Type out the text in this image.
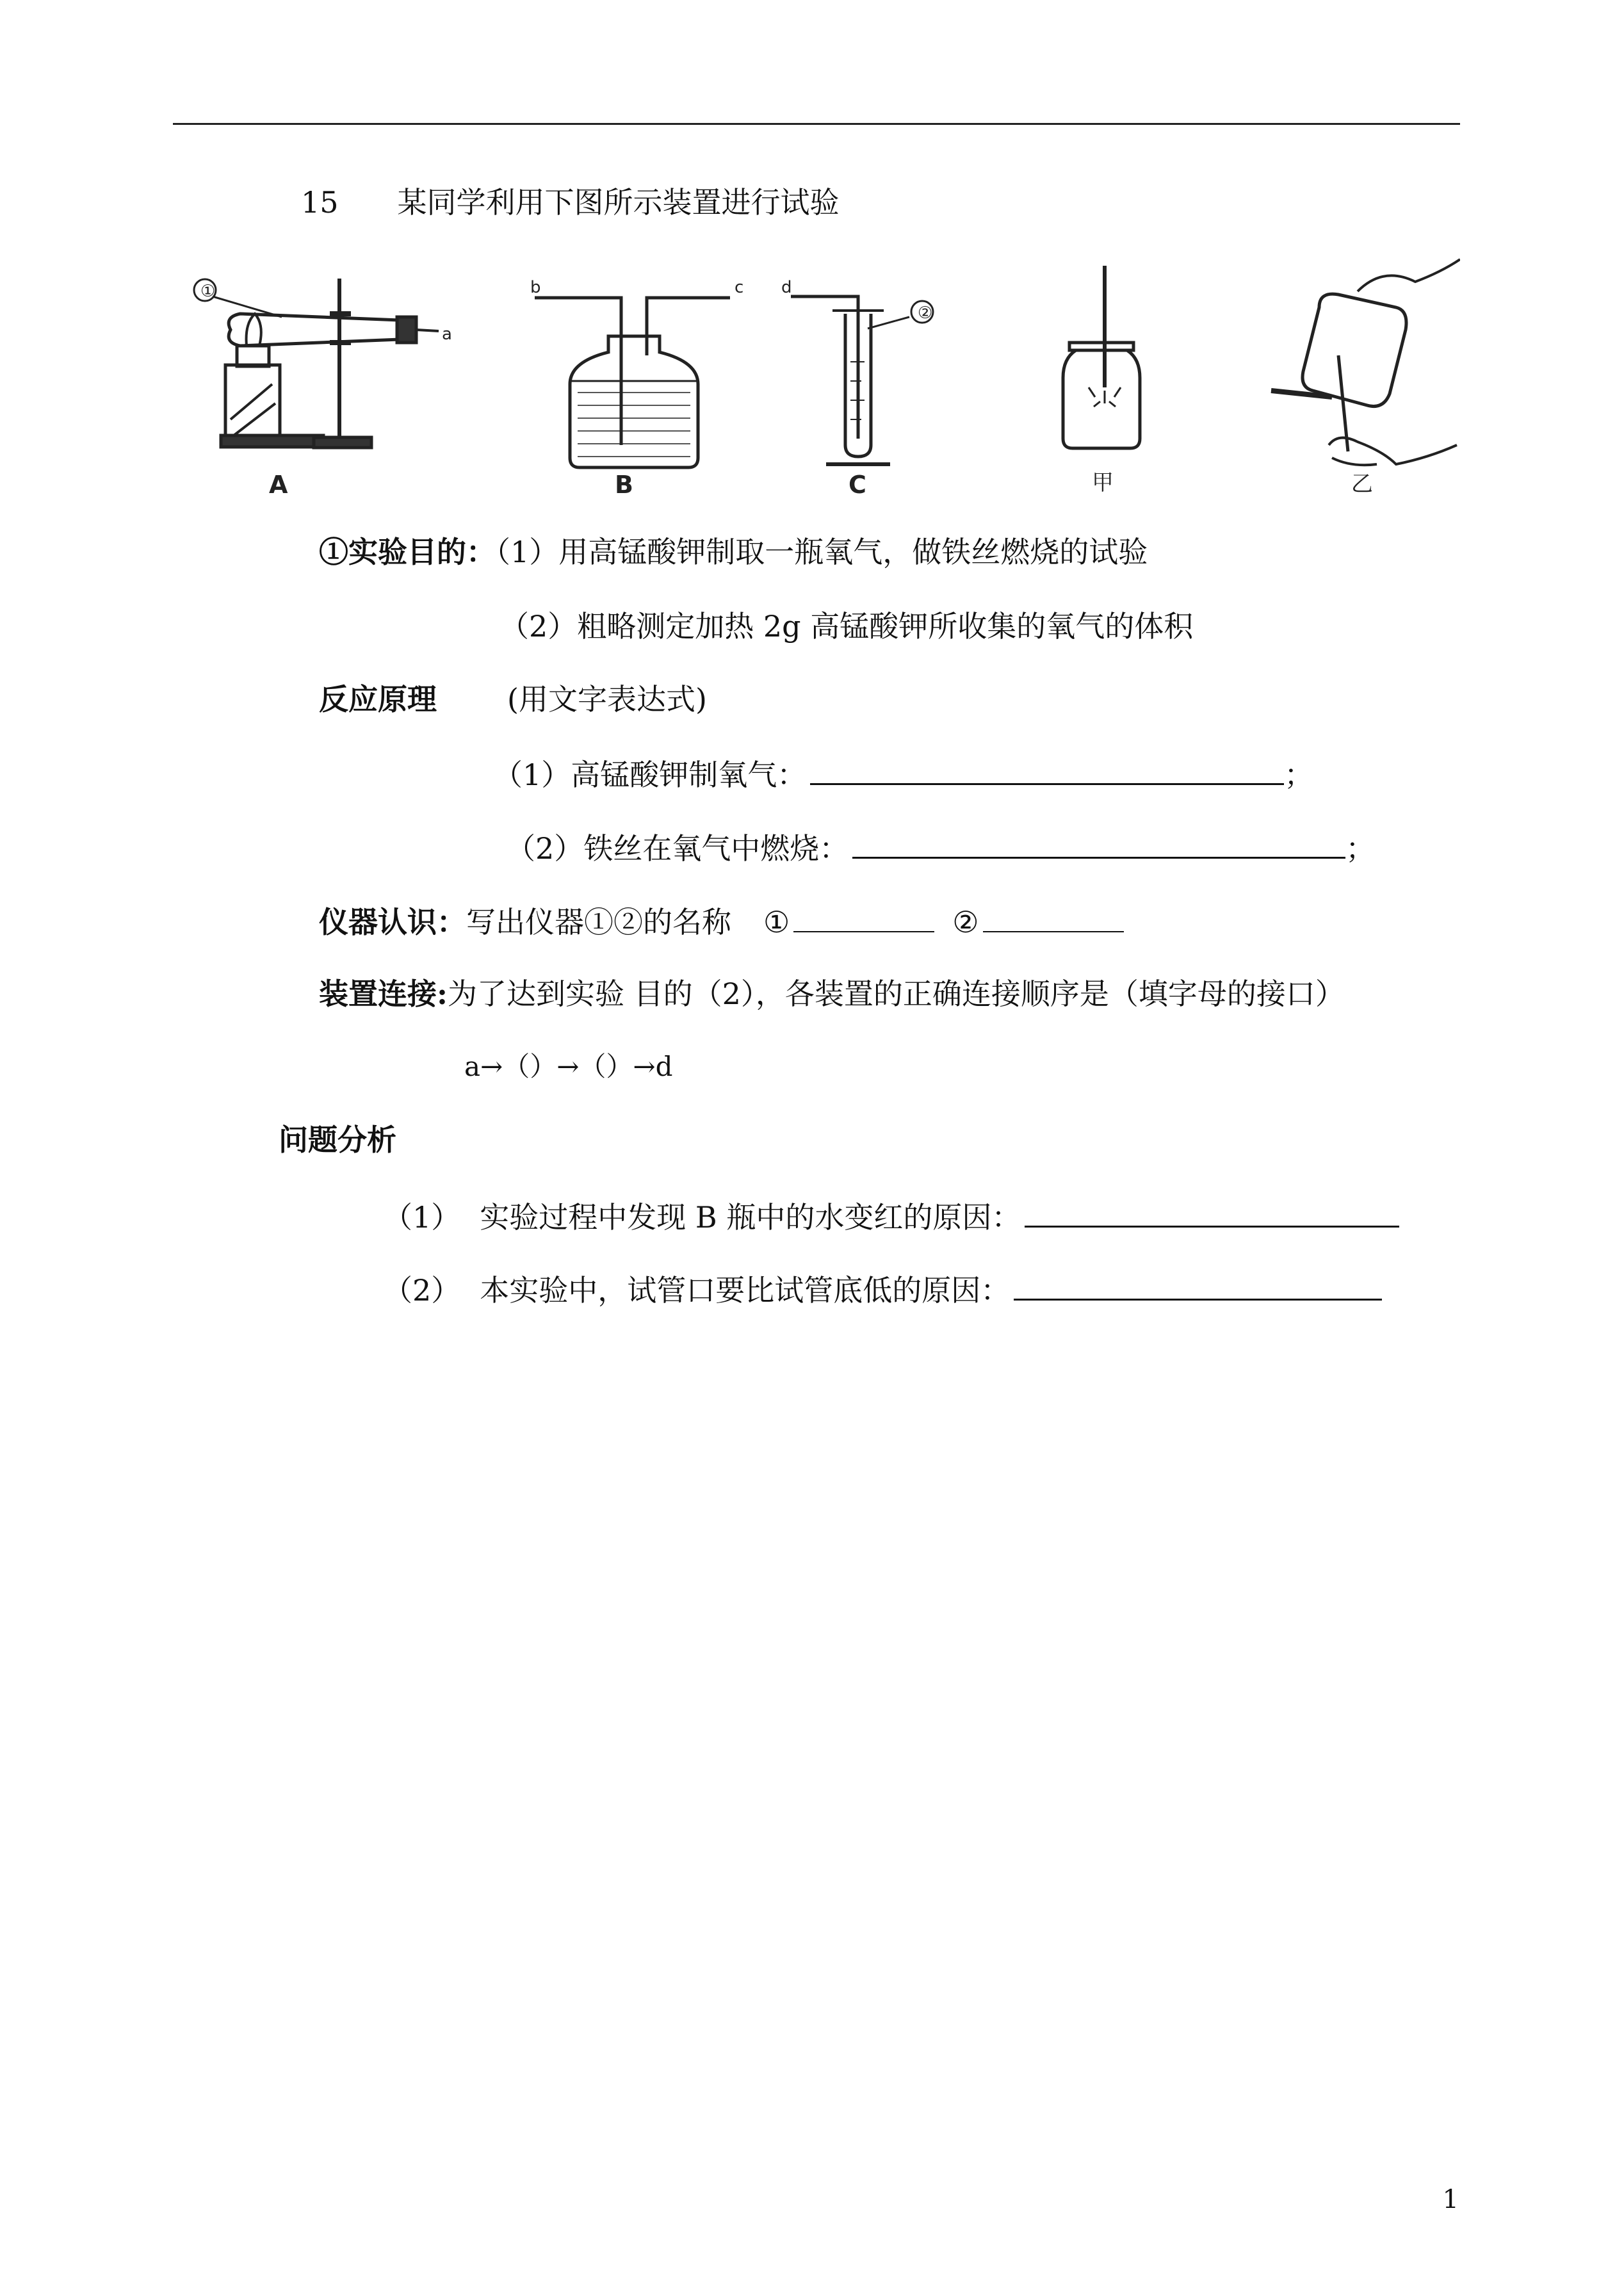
15　　某同学利用下图所示装置进行试验
①
a
A
b	c
B
②
d
C	甲	乙
①实验目的：（1）用高锰酸钾制取一瓶氧气，做铁丝燃烧的试验
（2）粗略测定加热 2g 高锰酸钾所收集的氧气的体积
反应原理 (用文字表达式)
（1）高锰酸钾制氧气：	；
（2）铁丝在氧气中燃烧：	；
仪器认识：写出仪器①②的名称 ①	②
装置连接:为了达到实验 目的（2），各装置的正确连接顺序是（填字母的接口）
a→（）→（）→d
问题分析
（1） 实验过程中发现 B 瓶中的水变红的原因：
（2） 本实验中，试管口要比试管底低的原因：
1
